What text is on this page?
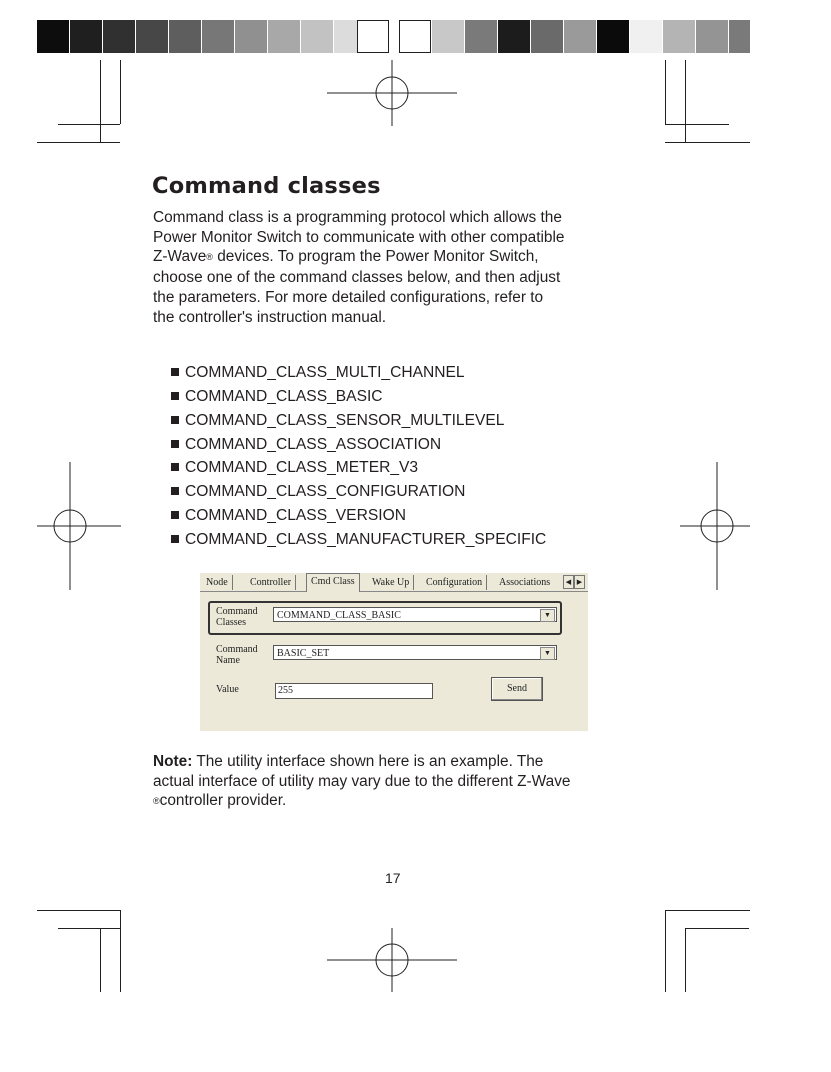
Command classes

Command class is a programming protocol which allows the
Power Monitor Switch to communicate with other compatible
Z-Wave® devices. To program the Power Monitor Switch,
choose one of the command classes below, and then adjust
the parameters. For more detailed configurations, refer to
the controller's instruction manual.

COMMAND_CLASS_MULTI_CHANNEL
COMMAND_CLASS_BASIC
COMMAND_CLASS_SENSOR_MULTILEVEL
COMMAND_CLASS_ASSOCIATION
COMMAND_CLASS_METER_V3
COMMAND_CLASS_CONFIGURATION
COMMAND_CLASS_VERSION
COMMAND_CLASS_MANUFACTURER_SPECIFIC
Node	Controller	Cmd Class	Wake Up	Configuration	Associations	◀ ▶
Command
Classes
COMMAND_CLASS_BASIC	▼
Command
Name
BASIC_SET	▼
Value	255	Send

Note: The utility interface shown here is an example. The
actual interface of utility may vary due to the different Z-Wave
®controller provider.

17
